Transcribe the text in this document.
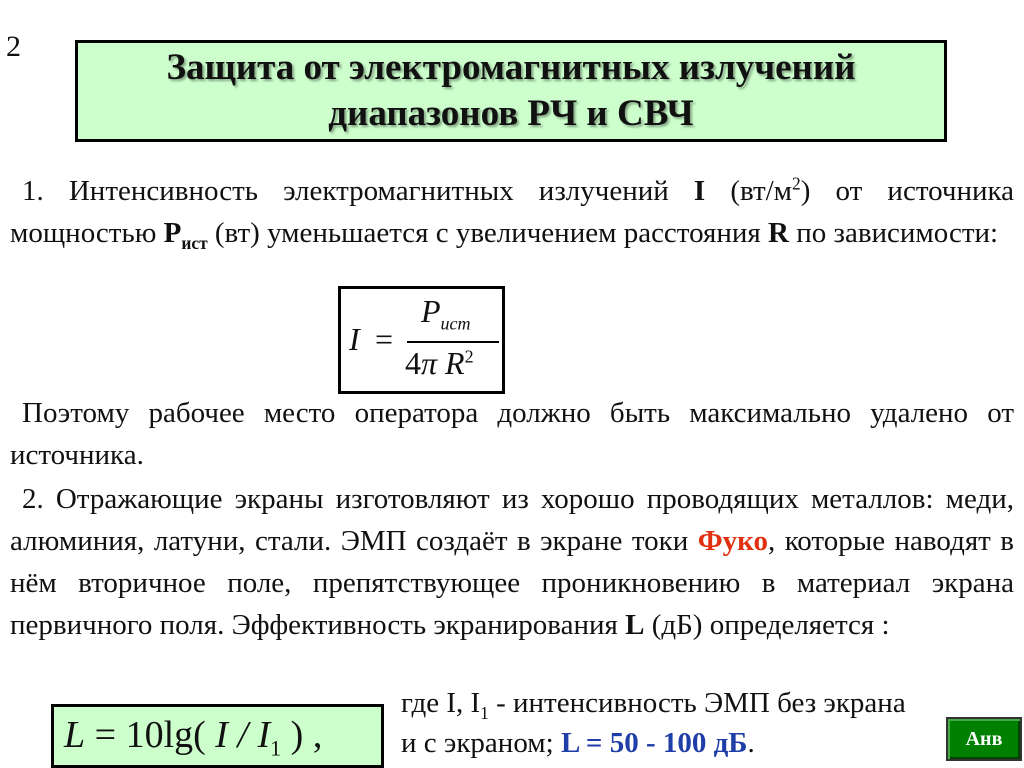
2
Защита от электромагнитных излучений
диапазонов РЧ и СВЧ
1. Интенсивность электромагнитных излучений I $(вт/м^2)$ от источника мощностью $Р_{ист}$ (вт) уменьшается с увеличением расстояния R по зависимости:
I =
$P_{ист}$
4π $R^2$
Поэтому рабочее место оператора должно быть максимально удалено от источника.
2. Отражающие экраны изготовляют из хорошо проводящих металлов: меди, алюминия, латуни, стали. ЭМП создаёт в экране токи Фуко, которые наводят в нём вторичное поле, препятствующее проникновению в материал экрана первичного поля. Эффективность экранирования L (дБ) определяется :
L = 10lg( I / $I_1$ ) ,
где I, $I_1$ - интенсивность ЭМП без экрана
и с экраном; L = 50 - 100 дБ.	Анв
